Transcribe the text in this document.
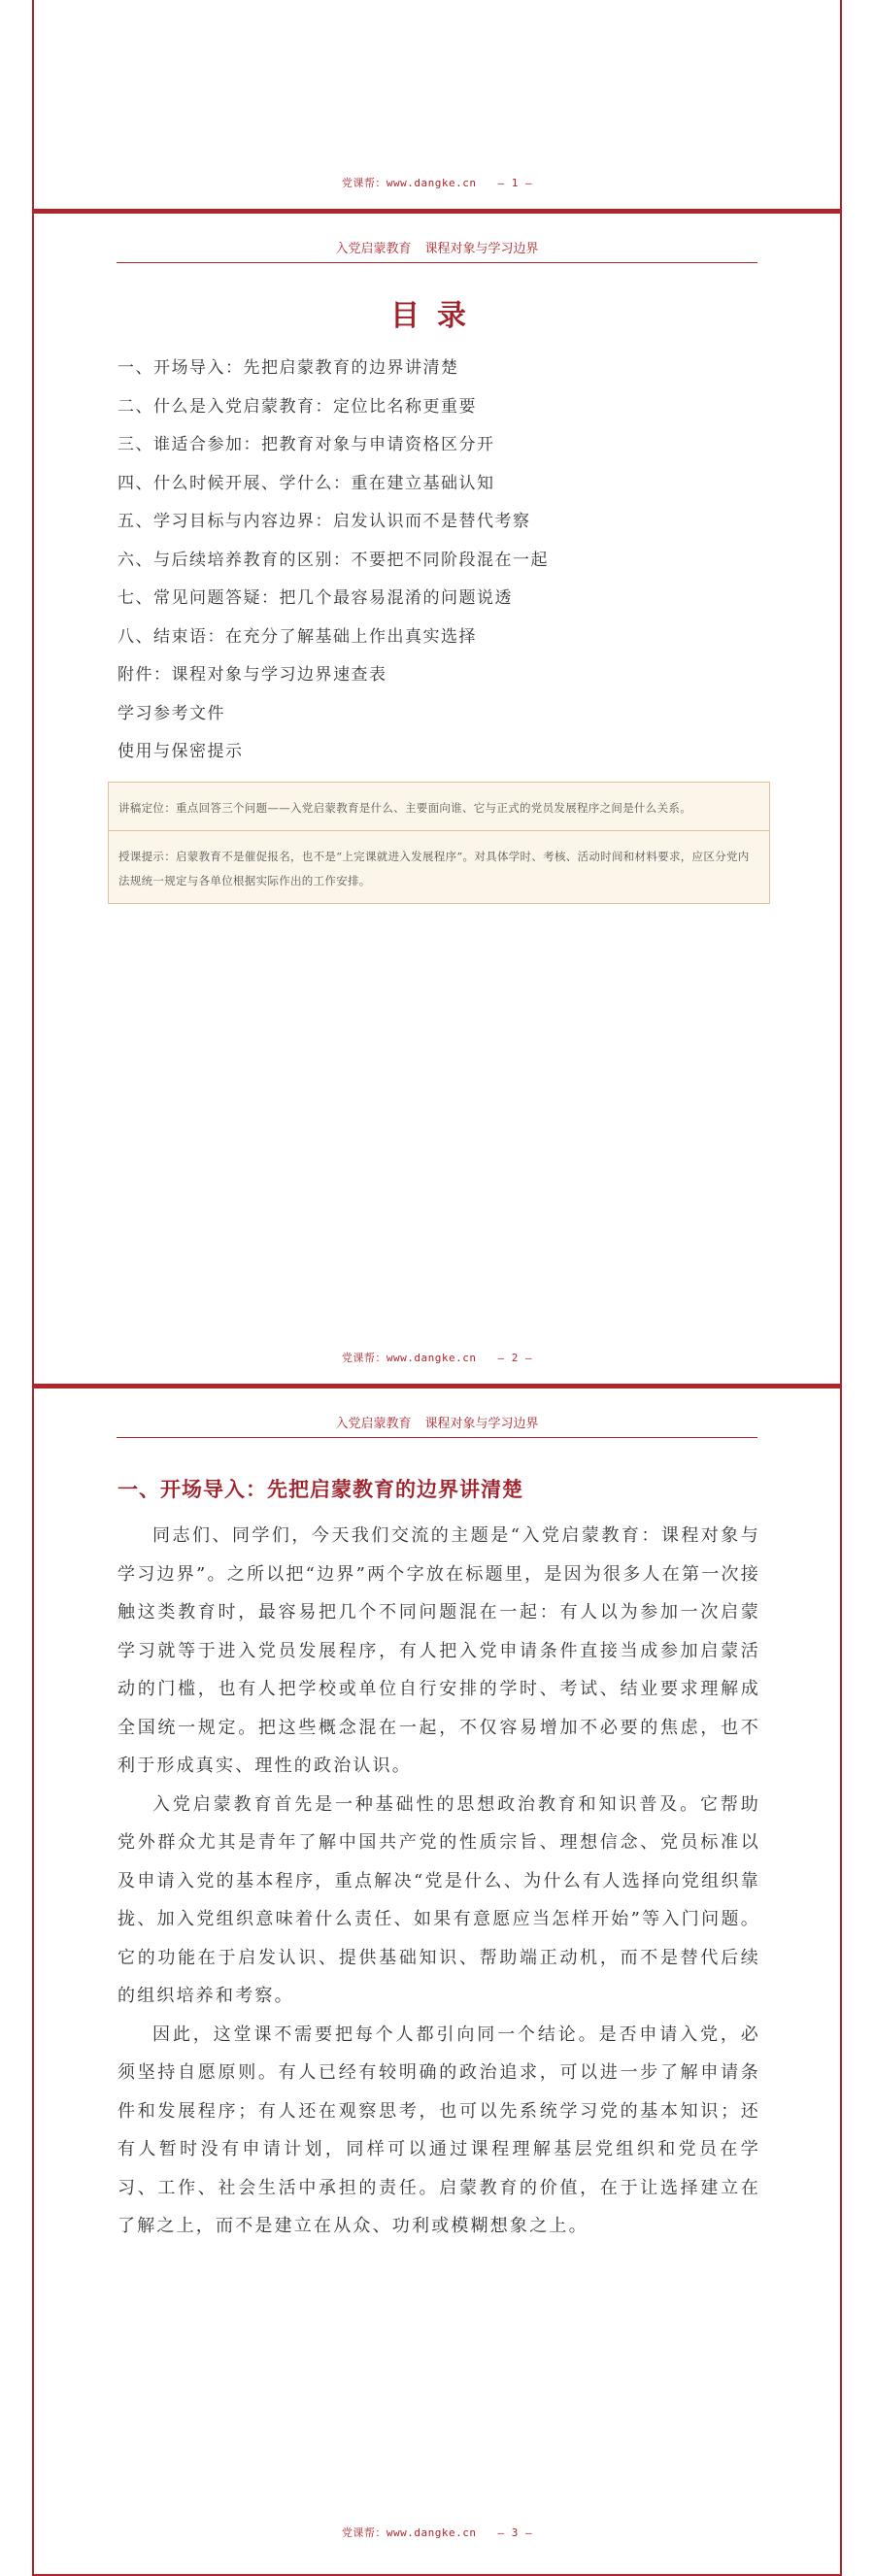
党课帮：www.dangke.cn — 1 —
入党启蒙教育 课程对象与学习边界
目录
一、开场导入：先把启蒙教育的边界讲清楚
二、什么是入党启蒙教育：定位比名称更重要
三、谁适合参加：把教育对象与申请资格区分开
四、什么时候开展、学什么：重在建立基础认知
五、学习目标与内容边界：启发认识而不是替代考察
六、与后续培养教育的区别：不要把不同阶段混在一起
七、常见问题答疑：把几个最容易混淆的问题说透
八、结束语：在充分了解基础上作出真实选择
附件：课程对象与学习边界速查表
学习参考文件
使用与保密提示
讲稿定位：重点回答三个问题——入党启蒙教育是什么、主要面向谁、它与正式的党员发展程序之间是什么关系。
授课提示：启蒙教育不是催促报名，也不是“上完课就进入发展程序”。对具体学时、考核、活动时间和材料要求，应区分党内法规统一规定与各单位根据实际作出的工作安排。
党课帮：www.dangke.cn — 2 —
入党启蒙教育 课程对象与学习边界
一、开场导入：先把启蒙教育的边界讲清楚

同志们、同学们，今天我们交流的主题是“入党启蒙教育：课程对象与学习边界”。之所以把“边界”两个字放在标题里，是因为很多人在第一次接触这类教育时，最容易把几个不同问题混在一起：有人以为参加一次启蒙学习就等于进入党员发展程序，有人把入党申请条件直接当成参加启蒙活动的门槛，也有人把学校或单位自行安排的学时、考试、结业要求理解成全国统一规定。把这些概念混在一起，不仅容易增加不必要的焦虑，也不利于形成真实、理性的政治认识。

入党启蒙教育首先是一种基础性的思想政治教育和知识普及。它帮助党外群众尤其是青年了解中国共产党的性质宗旨、理想信念、党员标准以及申请入党的基本程序，重点解决“党是什么、为什么有人选择向党组织靠拢、加入党组织意味着什么责任、如果有意愿应当怎样开始”等入门问题。它的功能在于启发认识、提供基础知识、帮助端正动机，而不是替代后续的组织培养和考察。

因此，这堂课不需要把每个人都引向同一个结论。是否申请入党，必须坚持自愿原则。有人已经有较明确的政治追求，可以进一步了解申请条件和发展程序；有人还在观察思考，也可以先系统学习党的基本知识；还有人暂时没有申请计划，同样可以通过课程理解基层党组织和党员在学习、工作、社会生活中承担的责任。启蒙教育的价值，在于让选择建立在了解之上，而不是建立在从众、功利或模糊想象之上。

党课帮：www.dangke.cn — 3 —
